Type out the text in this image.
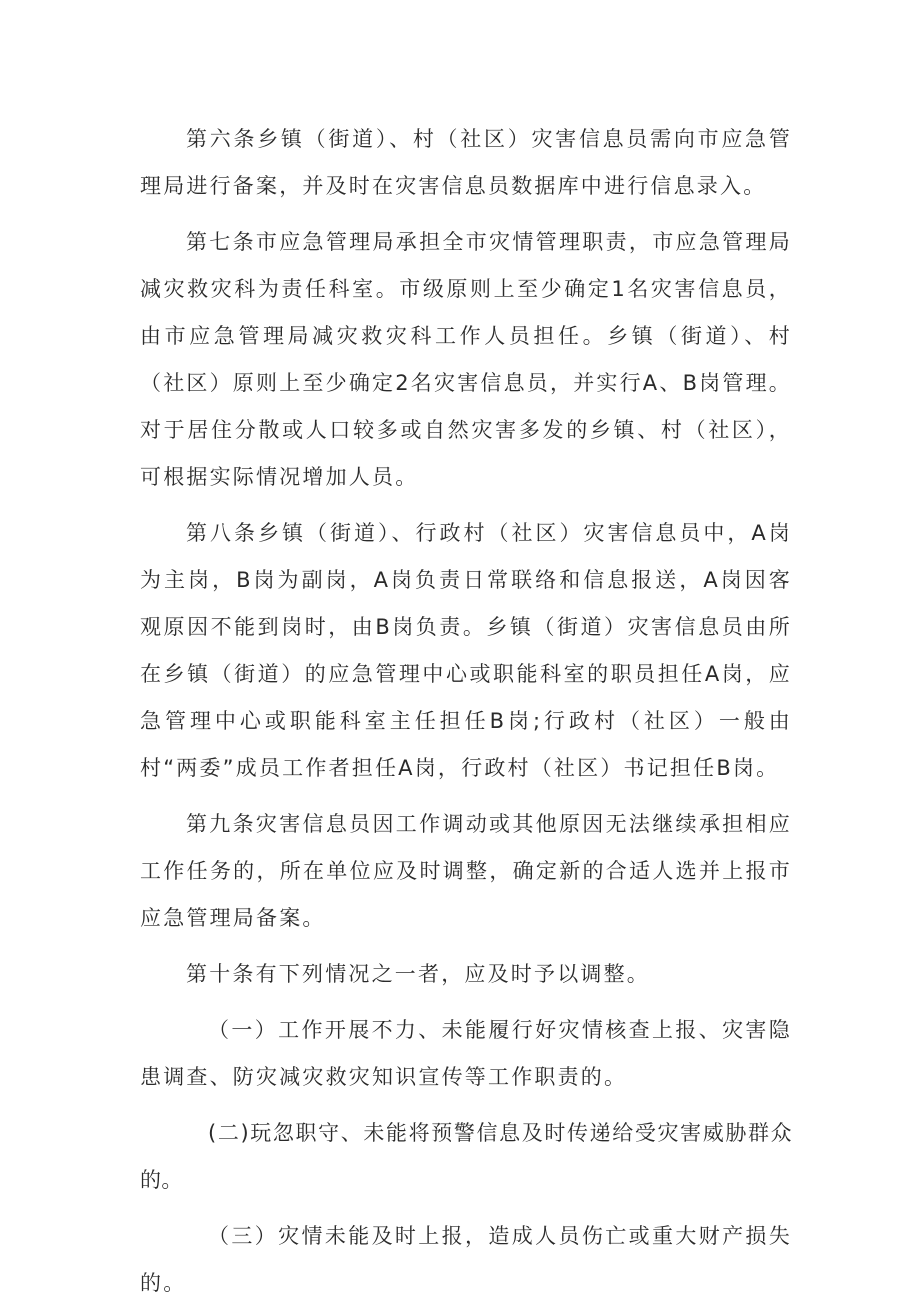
第六条乡镇（街道）、村（社区）灾害信息员需向市应急管理局进行备案，并及时在灾害信息员数据库中进行信息录入。

第七条市应急管理局承担全市灾情管理职责，市应急管理局减灾救灾科为责任科室。市级原则上至少确定1名灾害信息员，由市应急管理局减灾救灾科工作人员担任。乡镇（街道）、村（社区）原则上至少确定2名灾害信息员，并实行A、B岗管理。对于居住分散或人口较多或自然灾害多发的乡镇、村（社区），可根据实际情况增加人员。

第八条乡镇（街道）、行政村（社区）灾害信息员中，A岗为主岗，B岗为副岗，A岗负责日常联络和信息报送，A岗因客观原因不能到岗时，由B岗负责。乡镇（街道）灾害信息员由所在乡镇（街道）的应急管理中心或职能科室的职员担任A岗，应急管理中心或职能科室主任担任B岗;行政村（社区）一般由村“两委”成员工作者担任A岗，行政村（社区）书记担任B岗。

第九条灾害信息员因工作调动或其他原因无法继续承担相应工作任务的，所在单位应及时调整，确定新的合适人选并上报市应急管理局备案。

第十条有下列情况之一者，应及时予以调整。

（一）工作开展不力、未能履行好灾情核查上报、灾害隐患调查、防灾减灾救灾知识宣传等工作职责的。

(二)玩忽职守、未能将预警信息及时传递给受灾害威胁群众的。

（三）灾情未能及时上报，造成人员伤亡或重大财产损失的。
